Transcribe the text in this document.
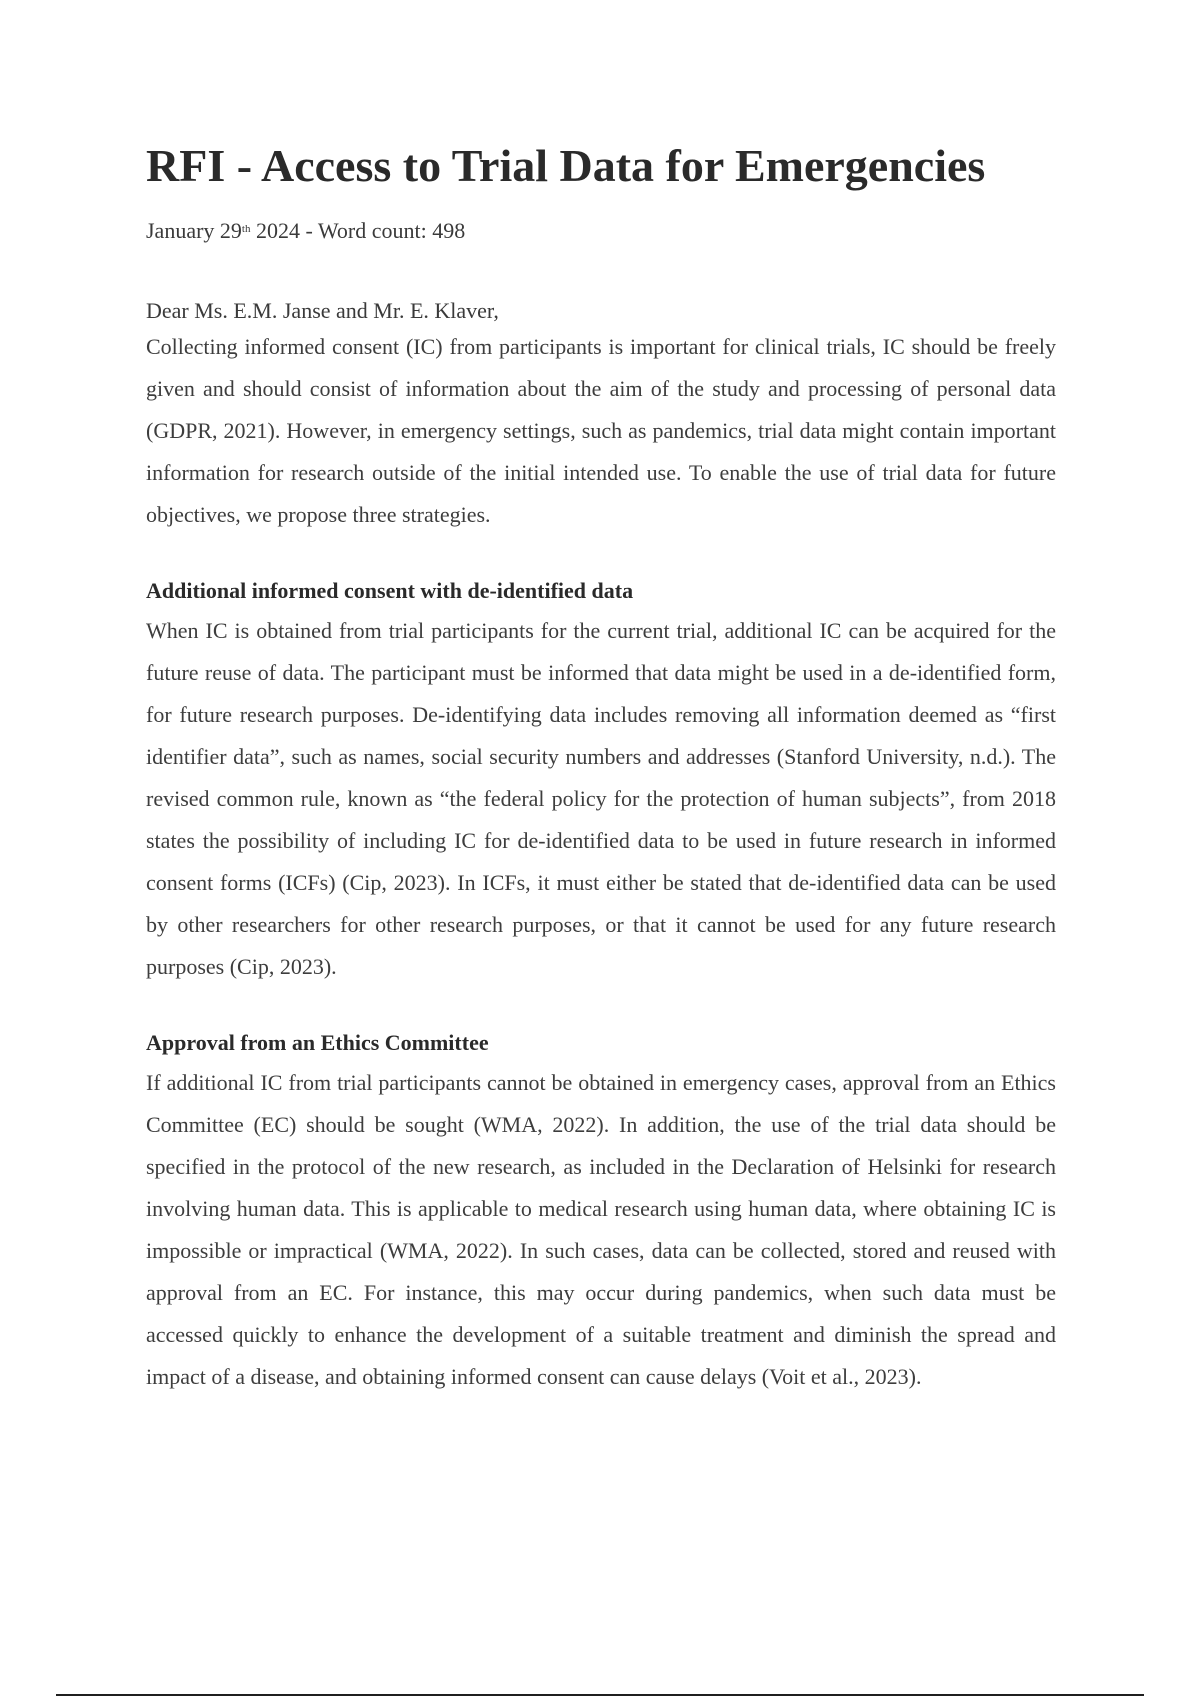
RFI - Access to Trial Data for Emergencies
January 29th 2024 - Word count: 498
Dear Ms. E.M. Janse and Mr. E. Klaver,

Collecting informed consent (IC) from participants is important for clinical trials, IC should be freely given and should consist of information about the aim of the study and processing of personal data (GDPR, 2021). However, in emergency settings, such as pandemics, trial data might contain important information for research outside of the initial intended use. To enable the use of trial data for future objectives, we propose three strategies.

Additional informed consent with de-identified data

When IC is obtained from trial participants for the current trial, additional IC can be acquired for the future reuse of data. The participant must be informed that data might be used in a de-identified form, for future research purposes. De-identifying data includes removing all information deemed as “first identifier data”, such as names, social security numbers and addresses (Stanford University, n.d.). The revised common rule, known as “the federal policy for the protection of human subjects”, from 2018 states the possibility of including IC for de-identified data to be used in future research in informed consent forms (ICFs) (Cip, 2023). In ICFs, it must either be stated that de-identified data can be used by other researchers for other research purposes, or that it cannot be used for any future research purposes (Cip, 2023).

Approval from an Ethics Committee

If additional IC from trial participants cannot be obtained in emergency cases, approval from an Ethics Committee (EC) should be sought (WMA, 2022). In addition, the use of the trial data should be specified in the protocol of the new research, as included in the Declaration of Helsinki for research involving human data. This is applicable to medical research using human data, where obtaining IC is impossible or impractical (WMA, 2022). In such cases, data can be collected, stored and reused with approval from an EC. For instance, this may occur during pandemics, when such data must be accessed quickly to enhance the development of a suitable treatment and diminish the spread and impact of a disease, and obtaining informed consent can cause delays (Voit et al., 2023).
